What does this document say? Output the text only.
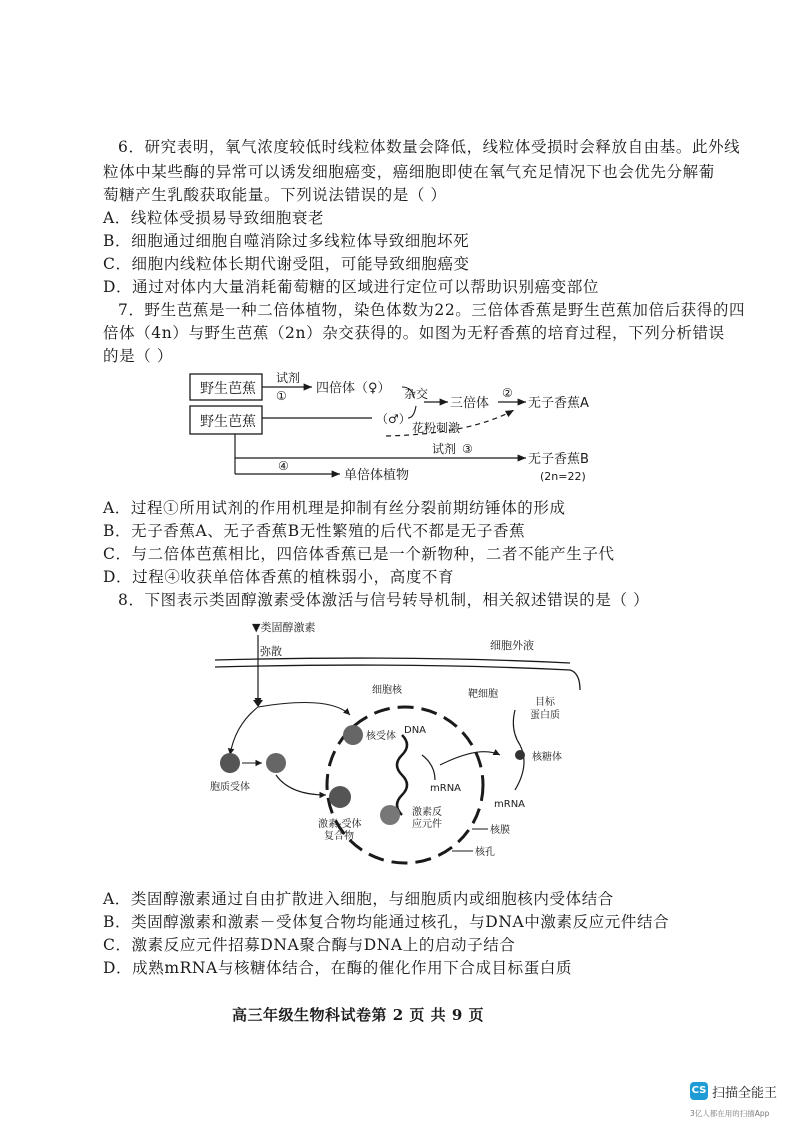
6．研究表明，氧气浓度较低时线粒体数量会降低，线粒体受损时会释放自由基。此外线
粒体中某些酶的异常可以诱发细胞癌变，癌细胞即使在氧气充足情况下也会优先分解葡
萄糖产生乳酸获取能量。下列说法错误的是（ ）
A．线粒体受损易导致细胞衰老
B．细胞通过细胞自噬消除过多线粒体导致细胞坏死
C．细胞内线粒体长期代谢受阻，可能导致细胞癌变
D．通过对体内大量消耗葡萄糖的区域进行定位可以帮助识别癌变部位
7．野生芭蕉是一种二倍体植物，染色体数为22。三倍体香蕉是野生芭蕉加倍后获得的四
倍体（4n）与野生芭蕉（2n）杂交获得的。如图为无籽香蕉的培育过程，下列分析错误
的是（ ）
野生芭蕉
野生芭蕉
试剂
① 四倍体（♀）
（♂）
杂交
三倍体
②
无子香蕉A
花粉刺激
试剂 ③
无子香蕉B
(2n=22)
④
单倍体植物
A．过程①所用试剂的作用机理是抑制有丝分裂前期纺锤体的形成
B．无子香蕉A、无子香蕉B无性繁殖的后代不都是无子香蕉
C．与二倍体芭蕉相比，四倍体香蕉已是一个新物种，二者不能产生子代
D．过程④收获单倍体香蕉的植株弱小，高度不育
8．下图表示类固醇激素受体激活与信号转导机制，相关叙述错误的是（ ）
▼类固醇激素
弥散	细胞外液
细胞核	靶细胞
目标
蛋白质
胞质受体
核受体
激素-受体
复合物
DNA
激素反
应元件
mRNA
核糖体
mRNA
核膜
核孔
A．类固醇激素通过自由扩散进入细胞，与细胞质内或细胞核内受体结合
B．类固醇激素和激素－受体复合物均能通过核孔，与DNA中激素反应元件结合
C．激素反应元件招募DNA聚合酶与DNA上的启动子结合
D．成熟mRNA与核糖体结合，在酶的催化作用下合成目标蛋白质
高三年级生物科试卷第 2 页 共 9 页
CS 扫描全能王
3亿人都在用的扫描App
